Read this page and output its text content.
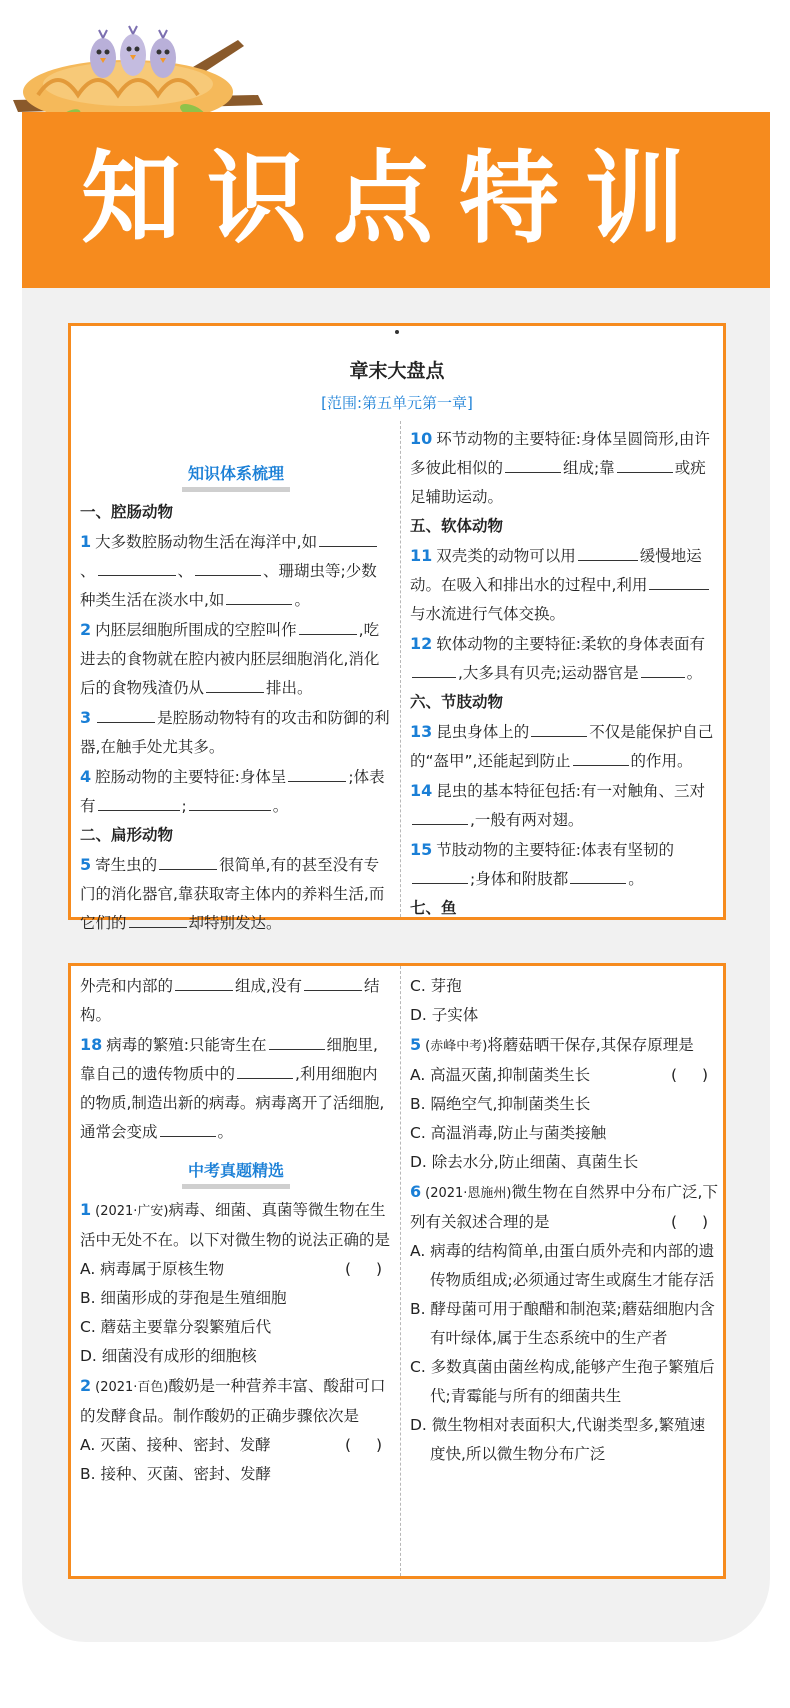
知识点特训
章末大盘点
[范围:第五单元第一章]
知识体系梳理

一、腔肠动物

1 大多数腔肠动物生活在海洋中,如、	、	、珊瑚虫等;少数种类生活在淡水中,如	。

2 内胚层细胞所围成的空腔叫作	,吃进去的食物就在腔内被内胚层细胞消化,消化后的食物残渣仍从	排出。

3	是腔肠动物特有的攻击和防御的利器,在触手处尤其多。

4 腔肠动物的主要特征:身体呈	;体表有	;	。

二、扁形动物

5 寄生虫的	很简单,有的甚至没有专门的消化器官,靠获取寄主体内的养料生活,而它们的	却特别发达。

10 环节动物的主要特征:身体呈圆筒形,由许多彼此相似的	组成;靠	或疣足辅助运动。

五、软体动物

11 双壳类的动物可以用	缓慢地运动。在吸入和排出水的过程中,利用与水流进行气体交换。

12 软体动物的主要特征:柔软的身体表面有,大多具有贝壳;运动器官是	。

六、节肢动物

13 昆虫身体上的	不仅是能保护自己的“盔甲”,还能起到防止	的作用。

14 昆虫的基本特征包括:有一对触角、三对,一般有两对翅。

15 节肢动物的主要特征:体表有坚韧的;身体和附肢都	。

七、鱼

外壳和内部的	组成,没有	结构。

18 病毒的繁殖:只能寄生在	细胞里,靠自己的遗传物质中的	,利用细胞内的物质,制造出新的病毒。病毒离开了活细胞,通常会变成	。

中考真题精选

1 (2021·广安)病毒、细菌、真菌等微生物在生活中无处不在。以下对微生物的说法正确的是
( )

A. 病毒属于原核生物

B. 细菌形成的芽孢是生殖细胞

C. 蘑菇主要靠分裂繁殖后代

D. 细菌没有成形的细胞核

2 (2021·百色)酸奶是一种营养丰富、酸甜可口的发酵食品。制作酸奶的正确步骤依次是
( )

A. 灭菌、接种、密封、发酵

B. 接种、灭菌、密封、发酵

C. 芽孢

D. 子实体

5 (赤峰中考)将蘑菇晒干保存,其保存原理是
( )

A. 高温灭菌,抑制菌类生长

B. 隔绝空气,抑制菌类生长

C. 高温消毒,防止与菌类接触

D. 除去水分,防止细菌、真菌生长

6 (2021·恩施州)微生物在自然界中分布广泛,下列有关叙述合理的是	( )

A. 病毒的结构简单,由蛋白质外壳和内部的遗传物质组成;必须通过寄生或腐生才能存活

B. 酵母菌可用于酿醋和制泡菜;蘑菇细胞内含有叶绿体,属于生态系统中的生产者

C. 多数真菌由菌丝构成,能够产生孢子繁殖后代;青霉能与所有的细菌共生

D. 微生物相对表面积大,代谢类型多,繁殖速度快,所以微生物分布广泛
